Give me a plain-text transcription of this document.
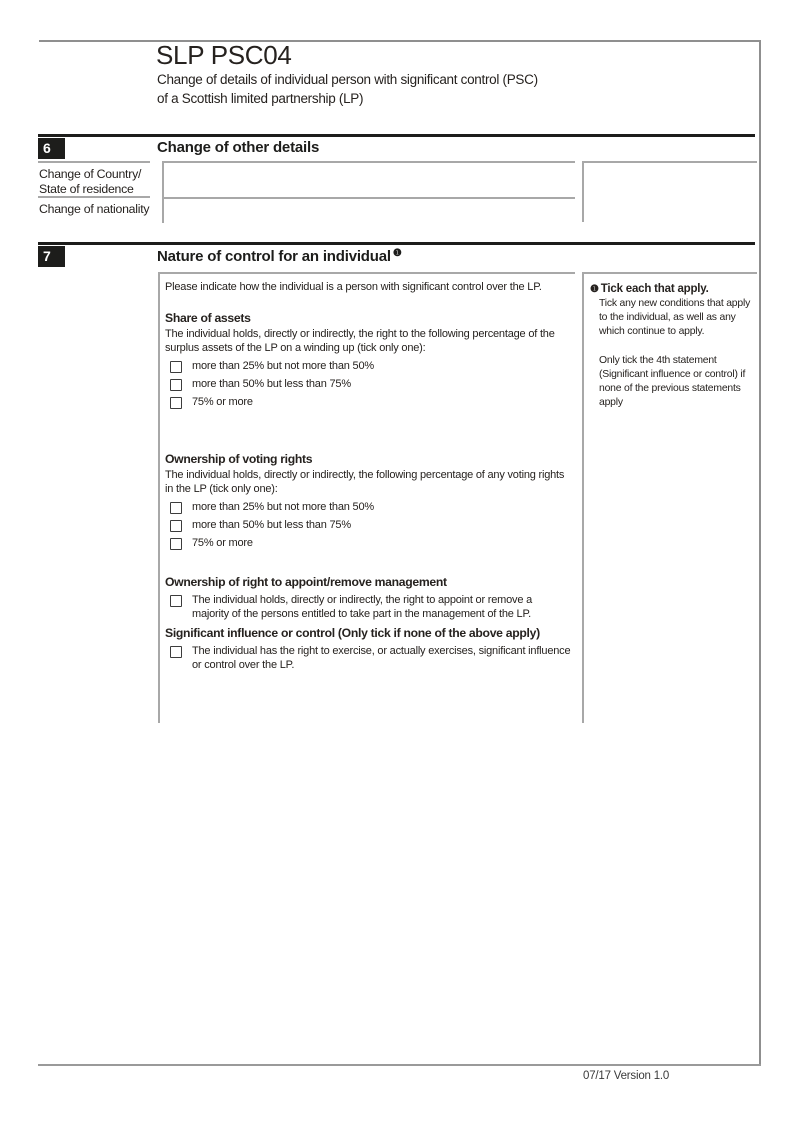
SLP PSC04
Change of details of individual person with significant control (PSC)
of a Scottish limited partnership (LP)
6	Change of other details
Change of Country/
State of residence
Change of nationality
7	Nature of control for an individual $^❶$

Please indicate how the individual is a person with significant control over the LP.

Share of assets

The individual holds, directly or indirectly, the right to the following percentage of the surplus assets of the LP on a winding up (tick only one):

more than 25% but not more than 50%
more than 50% but less than 75%
75% or more
Ownership of voting rights

The individual holds, directly or indirectly, the following percentage of any voting rights in the LP (tick only one):

more than 25% but not more than 50%
more than 50% but less than 75%
75% or more
Ownership of right to appoint/remove management
The individual holds, directly or indirectly, the right to appoint or remove a majority of the persons entitled to take part in the management of the LP.
Significant influence or control (Only tick if none of the above apply)
The individual has the right to exercise, or actually exercises, significant influence or control over the LP.
❶ Tick each that apply.
Tick any new conditions that apply to the individual, as well as any which continue to apply.
Only tick the 4th statement (Significant influence or control) if none of the previous statements apply
07/17 Version 1.0
